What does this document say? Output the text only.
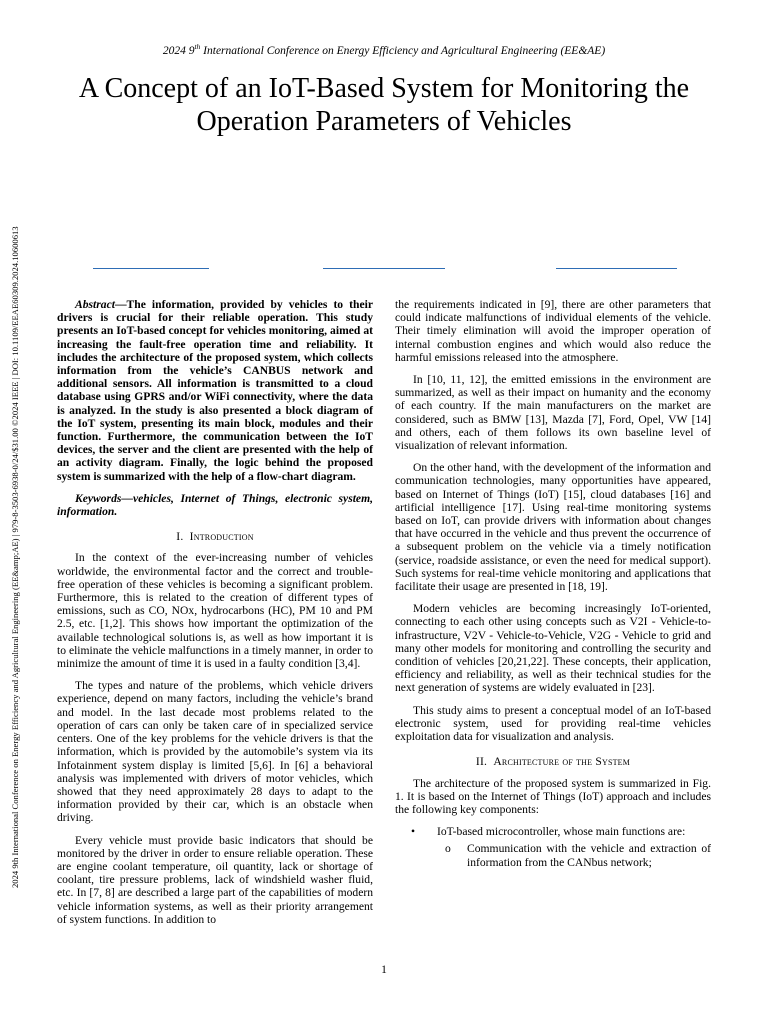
2024 9th International Conference on Energy Efficiency and Agricultural Engineering (EE&AE)
A Concept of an IoT-Based System for Monitoring the Operation Parameters of Vehicles
2024 9th International Conference on Energy Efficiency and Agricultural Engineering (EE&amp;AE) | 979-8-3503-6938-0/24/$31.00 ©2024 IEEE | DOI: 10.1109/EEAE60309.2024.10600613	Abstract—The information, provided by vehicles to their drivers is crucial for their reliable operation. This study presents an IoT-based concept for vehicles monitoring, aimed at increasing the fault-free operation time and reliability. It includes the architecture of the proposed system, which collects information from the vehicle’s CANBUS network and additional sensors. All information is transmitted to a cloud database using GPRS and/or WiFi connectivity, where the data is analyzed. In the study is also presented a block diagram of the IoT system, presenting its main block, modules and their function. Furthermore, the communication between the IoT devices, the server and the client are presented with the help of an activity diagram. Finally, the logic behind the proposed system is summarized with the help of a flow-chart diagram.

Keywords—vehicles, Internet of Things, electronic system, information.

I. Introduction

In the context of the ever-increasing number of vehicles worldwide, the environmental factor and the correct and trouble-free operation of these vehicles is becoming a significant problem. Furthermore, this is related to the creation of different types of emissions, such as CO, NOx, hydrocarbons (HC), PM 10 and PM 2.5, etc. [1,2]. This shows how important the optimization of the available technological solutions is, as well as how important it is to eliminate the vehicle malfunctions in a timely manner, in order to minimize the amount of time it is used in a faulty condition [3,4].

The types and nature of the problems, which vehicle drivers experience, depend on many factors, including the vehicle’s brand and model. In the last decade most problems related to the operation of cars can only be taken care of in specialized service centers. One of the key problems for the vehicle drivers is that the information, which is provided by the automobile’s system via its Infotainment system display is limited [5,6]. In [6] a behavioral analysis was implemented with drivers of motor vehicles, which showed that they need approximately 28 days to adapt to the information provided by their car, which is an obstacle when driving.

Every vehicle must provide basic indicators that should be monitored by the driver in order to ensure reliable operation. These are engine coolant temperature, oil quantity, lack or shortage of coolant, tire pressure problems, lack of windshield washer fluid, etc. In [7, 8] are described a large part of the capabilities of modern vehicle information systems, as well as their priority arrangement of system functions. In addition to

the requirements indicated in [9], there are other parameters that could indicate malfunctions of individual elements of the vehicle. Their timely elimination will avoid the improper operation of internal combustion engines and which would also reduce the harmful emissions released into the atmosphere.

In [10, 11, 12], the emitted emissions in the environment are summarized, as well as their impact on humanity and the economy of each country. If the main manufacturers on the market are considered, such as BMW [13], Mazda [7], Ford, Opel, VW [14] and others, each of them follows its own baseline level of visualization of relevant information.

On the other hand, with the development of the information and communication technologies, many opportunities have appeared, based on Internet of Things (IoT) [15], cloud databases [16] and artificial intelligence [17]. Using real-time monitoring systems based on IoT, can provide drivers with information about changes that have occurred in the vehicle and thus prevent the occurrence of a subsequent problem on the vehicle via a timely notification (service, roadside assistance, or even the need for medical support). Such systems for real-time vehicle monitoring and applications that facilitate their usage are presented in [18, 19].

Modern vehicles are becoming increasingly IoT-oriented, connecting to each other using concepts such as V2I - Vehicle-to-infrastructure, V2V - Vehicle-to-Vehicle, V2G - Vehicle to grid and many other models for monitoring and controlling the security and condition of vehicles [20,21,22]. These concepts, their application, efficiency and reliability, as well as their technical studies for the next generation of systems are widely evaluated in [23].

This study aims to present a conceptual model of an IoT-based electronic system, used for providing real-time vehicles exploitation data for visualization and analysis.

II. Architecture of the System

The architecture of the proposed system is summarized in Fig. 1. It is based on the Internet of Things (IoT) approach and includes the following key components:

• IoT-based microcontroller, whose main functions are:
o Communication with the vehicle and extraction of information from the CANbus network;
1
